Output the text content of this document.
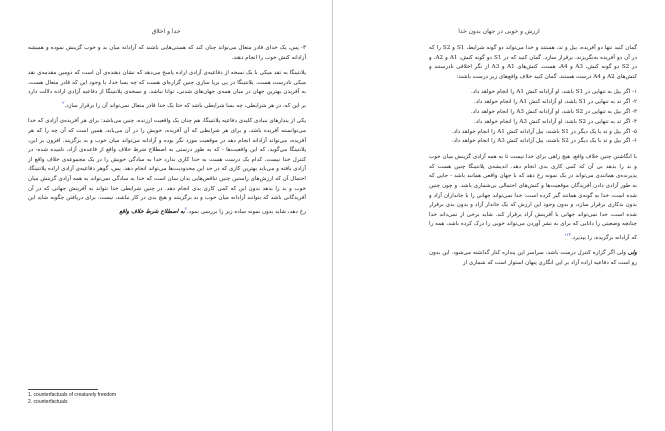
خدا و اخلاق

۳- پس، یک خدای قادر متعال می‌تواند چنان کند که هستی‌هایی باشند که آزادانه میان بد و خوب گزینش نموده و همیشه آزادانه کنش خوب را انجام دهند.

پلانتینگا به نقد میکی با یک نسخه از دفاعیه‌ی آزادی اراده پاسخ می‌دهد که نشان دهنده‌ی آن است که دومین مقدمه‌ی نقد میکی نادرست هست. پلانتینگا در پی برپا سازی چنین گزاره‌ای هست که چه بسا خدا، با وجود این که قادر متعال هست، به آفریدن بهترین جهان در میان همه‌ی جهان‌های شدنی، توانا نباشد. و نسخه‌ی پلانتینگا از دفاعیه آزادی اراده دلالت دارد بر این که، در هر شرایطی، چه بسا شرایطی باشد که حتا یک خدا قادر متعال نمی‌تواند آن را برقرار سازد.$^۲$

یکی از پندارهای بنیادی کلیدی دفاعیه پلانتینگا، هم چنان یک واقعیت ارزنده، چنین می‌باشد: برای هر آفریده‌ی آزادی که خدا می‌توانسته آفریده باشد، و برای هر شرایطی که آن آفریده، خویش را در آن می‌یابد، همین است که آن چه را که هر آفریده، می‌تواند آزادانه انجام دهد در موقعیت مورد نگر بوده و آزادانه می‌تواند میان خوب و بد برگزیند. افزون بر این، پلانتینگا می‌گوید، که این واقعیت‌ها - که به طور درستی به اصطلاح شرط خلاف واقع از قاعده‌ی آزاد، نامیده شده- در کنترل خدا نیست. کدام یک درست هست به خدا کاری ندارد خدا به سادگی خویش را در یک مجموعه‌ی خلاف واقع از آزادی یافته و می‌باید بهترین کاری که در حد این محدودیت‌ها می‌تواند انجام دهد. پس، گوهر دفاعیه‌ی آزادی اراده پلانتینگا، احتمال آن که ارزش‌های راستین چنین تناقض‌هایی بدان سان است که خدا به سادگی نمی‌تواند به همه آزادی گزینش میان خوب و بد را بدهد بدون این که کمی کاری بدی انجام دهد. در چنین شرایطی خدا نتواند به آفرینش جهانی که در آن آفریدگانی باشد که بتوانند آزادانه میان خوب و بد برگزینند و هیچ بدی در کار نباشد، نیست. برای دریافتن چگونه شاید این رخ دهد، شاید بدون نمونه ساده زیر را بررسی نمود.$^۳$به اصطلاح شرط خلاف واقع

1. counterfactuals of creaturely freedom
2. counterfactuals
ارزش و خوبی در جهان بدون خدا

گمان کنید تنها دو آفریده، بیل و تد، هستند و خدا می‌تواند دو گونه شرایط، S1 و S2 را که در آن دو آفریده به‌نگریزند، برقرار سازد. گمان کنید که در S1 دو گونه کنش، A1 و A2، و در S2 دو گونه کنش، A3 و A4، هست. کنش‌های A1 و A3 از نگر اخلاقی نادرستند و کنش‌های A2 و A4 درست هستند. گمان کنید خلاف واقع‌های زیر درست باشند:

۱- اگر بیل به تنهایی در S1 باشد، او آزادانه کنش A1 را انجام خواهد داد.
۲- اگر تد به تنهایی در S1 باشد، او آزادانه کنش A1 را انجام خواهد داد.
۳- اگر بیل به تنهایی در S2 باشد، او آزادانه کنش A3 را انجام خواهد داد.
۴- اگر تد به تنهایی در S2 باشد، او آزادانه کنش A3 را انجام خواهد داد.
۵- اگر بیل و تد با یک دیگر در S1 باشند، بیل آزادانه کنش A1 را انجام خواهد داد.
۶- اگر بیل و تد با یک دیگر در S2 باشند، بیل آزادانه کنش A3 را انجام خواهد داد.

با انگاشتن چنین خلاف واقع، هیچ راهی برای خدا نیست تا به همه آزادی گزینش میان خوب و بد را بدهد بی آن که کمی کاری بدی انجام دهد. اندیشه‌ی پلانتینگا چنین هست که پذیرنده‌ی همانندی می‌تواند در یک نمونه رخ دهد که با جهان واقعی همانند باشد - جایی که به طور آزادی دادن آفریدگان موقعیت‌ها و کنش‌های احتمالی بی‌شماری باشد. و چون چنین شده است، خدا به گونه‌ی همانند گیر کرده است: خدا نمی‌تواند جهانی را با جانداران آزاد و بدون بدکاری برقرار سازد، و بدون وجود این ارزش که یک جاندار آزاد و بدون بدی برقرار شده است، خدا نمی‌تواند جهانی با آفرینش آزاد برقرار کند. شاید برخی از نمی‌داند خدا چنانچه وضعیتی را دانایی که برای به نشر آوردن می‌تواند خوبی را درک کرده باشد، همه را که آزادانه برگزیده، را بپذیرد.$^{۱۲۳}$

ولی ولی اگر گزاره کنترل درست باشد، سراسر این پنداره کنار گذاشته می‌شود. این بدون رو است که دفاعیه اراده آزاد بر این انگاری پنهان استوار است که شماری از
